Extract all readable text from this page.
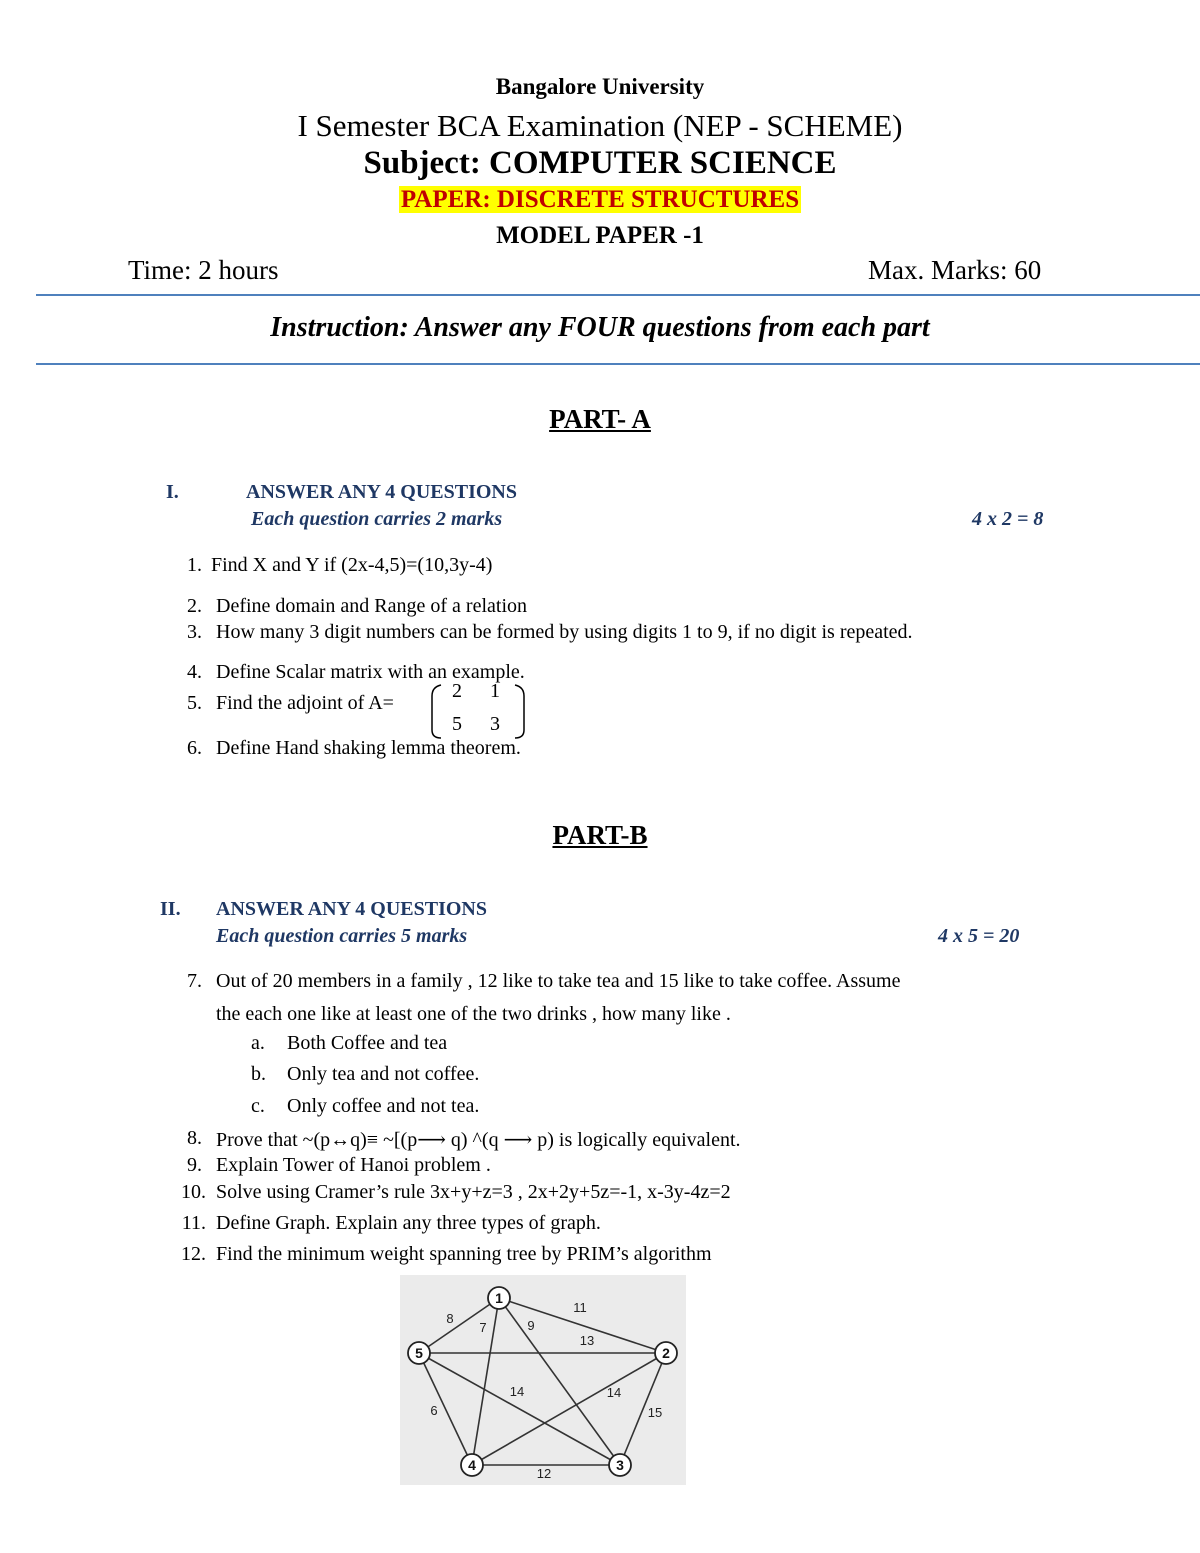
Bangalore University
I Semester BCA Examination (NEP - SCHEME)
Subject: COMPUTER SCIENCE
PAPER: DISCRETE STRUCTURES
MODEL PAPER -1
Time: 2 hours	Max. Marks: 60
Instruction: Answer any FOUR questions from each part
PART- A
I.	ANSWER ANY 4 QUESTIONS
Each question carries 2 marks	4 x 2 = 8
1. Find X and Y if (2x-4,5)=(10,3y-4)
2. Define domain and Range of a relation
3. How many 3 digit numbers can be formed by using digits 1 to 9, if no digit is repeated.
4. Define Scalar matrix with an example.
5. Find the adjoint of A=
2 1
5 3
6. Define Hand shaking lemma theorem.
PART-B
II. ANSWER ANY 4 QUESTIONS
Each question carries 5 marks	4 x 5 = 20
7. Out of 20 members in a family , 12 like to take tea and 15 like to take coffee. Assume
the each one like at least one of the two drinks , how many like .
a. Both Coffee and tea
b. Only tea and not coffee.
c. Only coffee and not tea.
8. Prove that ~(p↔q)≡ ~[(p⟶ q) ^(q ⟶ p) is logically equivalent.
9. Explain Tower of Hanoi problem .
10. Solve using Cramer’s rule 3x+y+z=3 , 2x+2y+5z=-1, x-3y-4z=2
11. Define Graph. Explain any three types of graph.
12. Find the minimum weight spanning tree by PRIM’s algorithm
8
7	9
11
13
14	14
6	15
12
1
2
3
4
5
